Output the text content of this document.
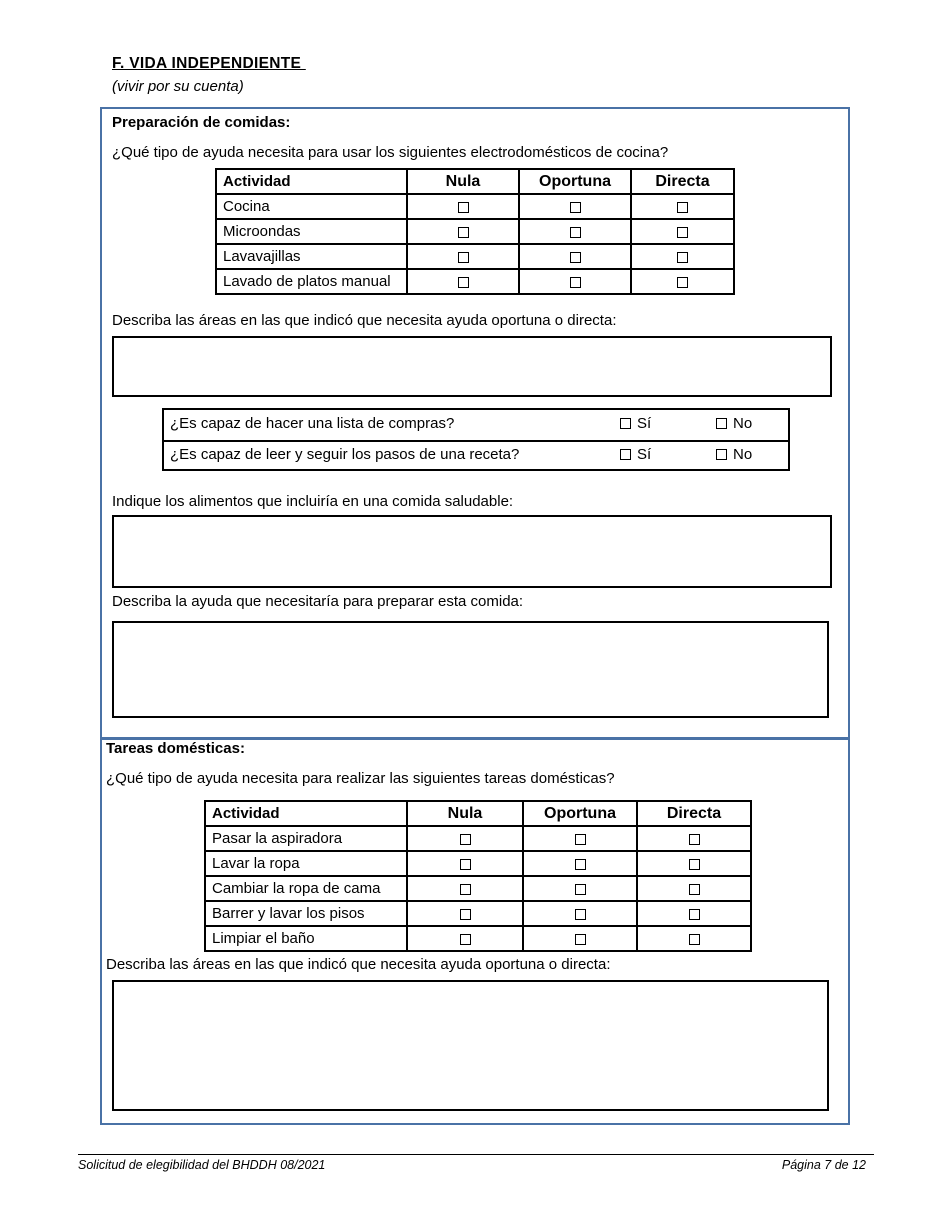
F. VIDA INDEPENDIENTE
(vivir por su cuenta)
Preparación de comidas:
¿Qué tipo de ayuda necesita para usar los siguientes electrodomésticos de cocina?
Actividad	Nula	Oportuna	Directa
Cocina			
Microondas			
Lavavajillas			
Lavado de platos manual			
Describa las áreas en las que indicó que necesita ayuda oportuna o directa:
¿Es capaz de hacer una lista de compras?	Sí	No
¿Es capaz de leer y seguir los pasos de una receta?	Sí	No
Indique los alimentos que incluiría en una comida saludable:
Describa la ayuda que necesitaría para preparar esta comida:
Tareas domésticas:
¿Qué tipo de ayuda necesita para realizar las siguientes tareas domésticas?
Actividad	Nula	Oportuna	Directa
Pasar la aspiradora			
Lavar la ropa			
Cambiar la ropa de cama			
Barrer y lavar los pisos			
Limpiar el baño			
Describa las áreas en las que indicó que necesita ayuda oportuna o directa:
Solicitud de elegibilidad del BHDDH 08/2021	Página 7 de 12
